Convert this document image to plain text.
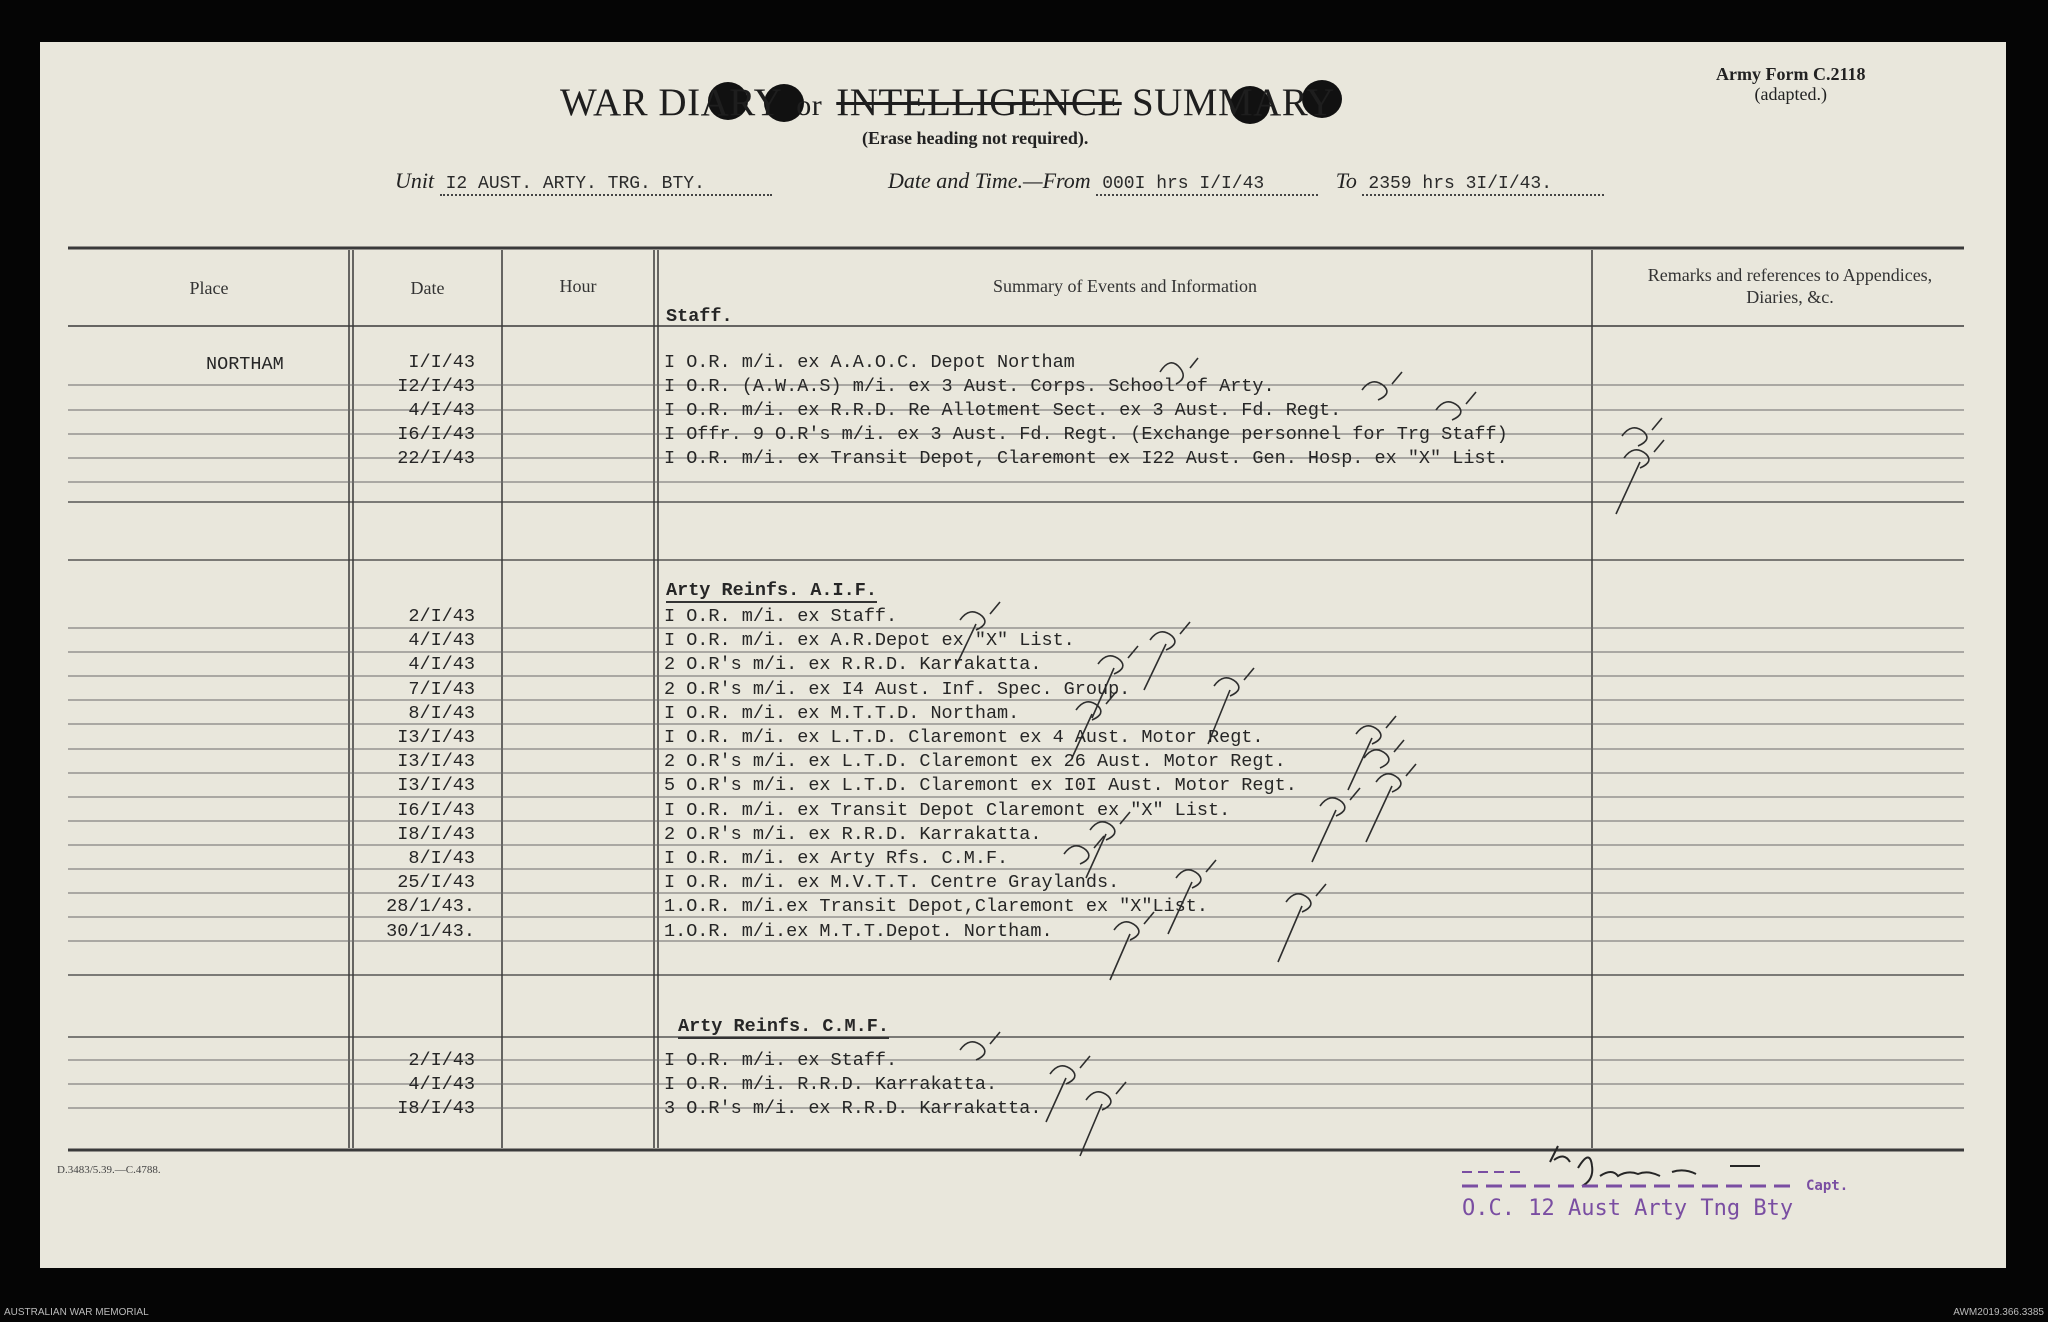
WAR DIARY or INTELLIGENCE SUMMARY
(Erase heading not required).
Army Form C.2118
(adapted.)
Unit I2 AUST. ARTY. TRG. BTY.	Date and Time.—From 000I hrs I/I/43	To 2359 hrs 3I/I/43.
Place	Date	Hour	Summary of Events and Information
Remarks and references to Appendices, Diaries, &c.
NORTHAM
Staff.
I/I/43	I O.R. m/i. ex A.A.O.C. Depot Northam
I2/I/43	I O.R. (A.W.A.S) m/i. ex 3 Aust. Corps. School of Arty.
4/I/43	I O.R. m/i. ex R.R.D. Re Allotment Sect. ex 3 Aust. Fd. Regt.
I6/I/43	I Offr. 9 O.R's m/i. ex 3 Aust. Fd. Regt. (Exchange personnel for Trg Staff)
22/I/43	I O.R. m/i. ex Transit Depot, Claremont ex I22 Aust. Gen. Hosp. ex "X" List.
Arty Reinfs. A.I.F.
2/I/43	I O.R. m/i. ex Staff.
4/I/43	I O.R. m/i. ex A.R.Depot ex "X" List.
4/I/43	2 O.R's m/i. ex R.R.D. Karrakatta.
7/I/43	2 O.R's m/i. ex I4 Aust. Inf. Spec. Group.
8/I/43	I O.R. m/i. ex M.T.T.D. Northam.
I3/I/43	I O.R. m/i. ex L.T.D. Claremont ex 4 Aust. Motor Regt.
I3/I/43	2 O.R's m/i. ex L.T.D. Claremont ex 26 Aust. Motor Regt.
I3/I/43	5 O.R's m/i. ex L.T.D. Claremont ex I0I Aust. Motor Regt.
I6/I/43	I O.R. m/i. ex Transit Depot Claremont ex "X" List.
I8/I/43	2 O.R's m/i. ex R.R.D. Karrakatta.
8/I/43	I O.R. m/i. ex Arty Rfs. C.M.F.
25/I/43	I O.R. m/i. ex M.V.T.T. Centre Graylands.
28/1/43.	1.O.R. m/i.ex Transit Depot,Claremont ex "X"List.
30/1/43.	1.O.R. m/i.ex M.T.T.Depot. Northam.
Arty Reinfs. C.M.F.
2/I/43	I O.R. m/i. ex Staff.
4/I/43	I O.R. m/i. R.R.D. Karrakatta.
I8/I/43	3 O.R's m/i. ex R.R.D. Karrakatta.
D.3483/5.39.—C.4788.
O.C. 12 Aust Arty Tng Bty
Capt.
AUSTRALIAN WAR MEMORIAL	AWM2019.366.3385
